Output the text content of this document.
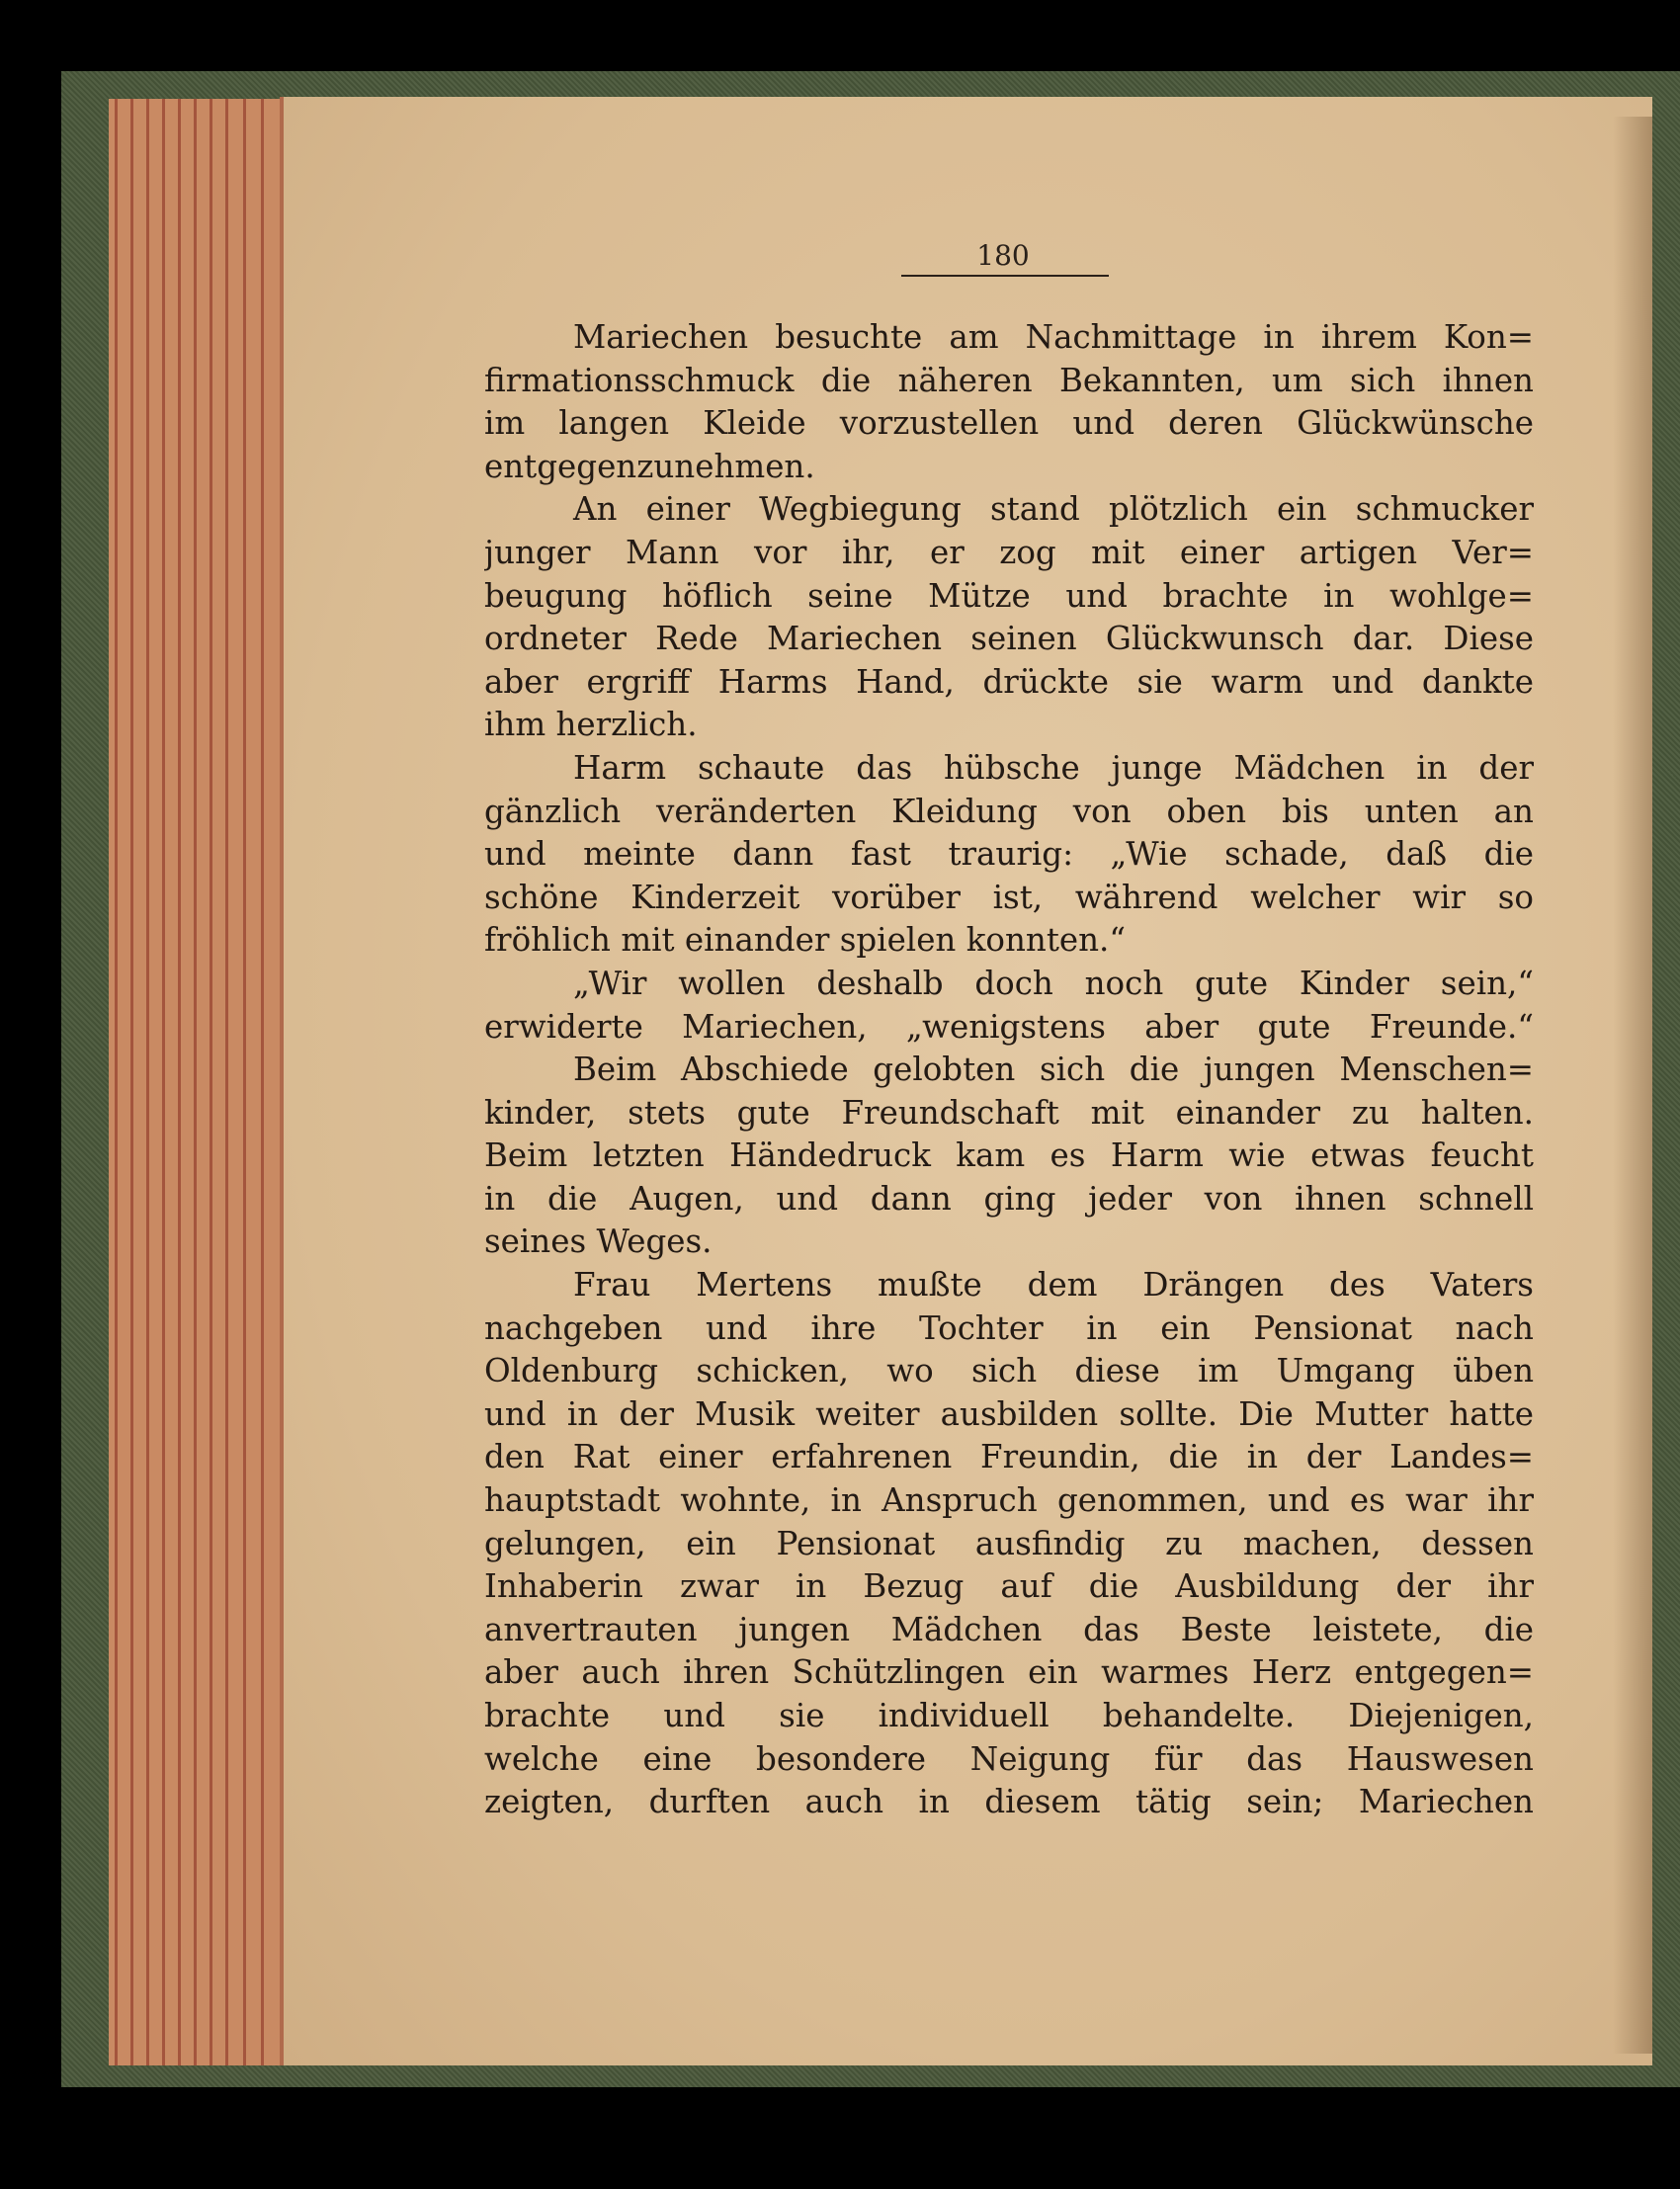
180
Mariechen besuchte am Nachmittage in ihrem Kon=
firmationsschmuck die näheren Bekannten, um sich ihnen
im langen Kleide vorzustellen und deren Glückwünsche
entgegenzunehmen.
An einer Wegbiegung stand plötzlich ein schmucker
junger Mann vor ihr, er zog mit einer artigen Ver=
beugung höflich seine Mütze und brachte in wohlge=
ordneter Rede Mariechen seinen Glückwunsch dar. Diese
aber ergriff Harms Hand, drückte sie warm und dankte
ihm herzlich.
Harm schaute das hübsche junge Mädchen in der
gänzlich veränderten Kleidung von oben bis unten an
und meinte dann fast traurig: „Wie schade, daß die
schöne Kinderzeit vorüber ist, während welcher wir so
fröhlich mit einander spielen konnten.“
„Wir wollen deshalb doch noch gute Kinder sein,“
erwiderte Mariechen, „wenigstens aber gute Freunde.“
Beim Abschiede gelobten sich die jungen Menschen=
kinder, stets gute Freundschaft mit einander zu halten.
Beim letzten Händedruck kam es Harm wie etwas feucht
in die Augen, und dann ging jeder von ihnen schnell
seines Weges.
Frau Mertens mußte dem Drängen des Vaters
nachgeben und ihre Tochter in ein Pensionat nach
Oldenburg schicken, wo sich diese im Umgang üben
und in der Musik weiter ausbilden sollte. Die Mutter hatte
den Rat einer erfahrenen Freundin, die in der Landes=
hauptstadt wohnte, in Anspruch genommen, und es war ihr
gelungen, ein Pensionat ausfindig zu machen, dessen
Inhaberin zwar in Bezug auf die Ausbildung der ihr
anvertrauten jungen Mädchen das Beste leistete, die
aber auch ihren Schützlingen ein warmes Herz entgegen=
brachte und sie individuell behandelte. Diejenigen,
welche eine besondere Neigung für das Hauswesen
zeigten, durften auch in diesem tätig sein; Mariechen
